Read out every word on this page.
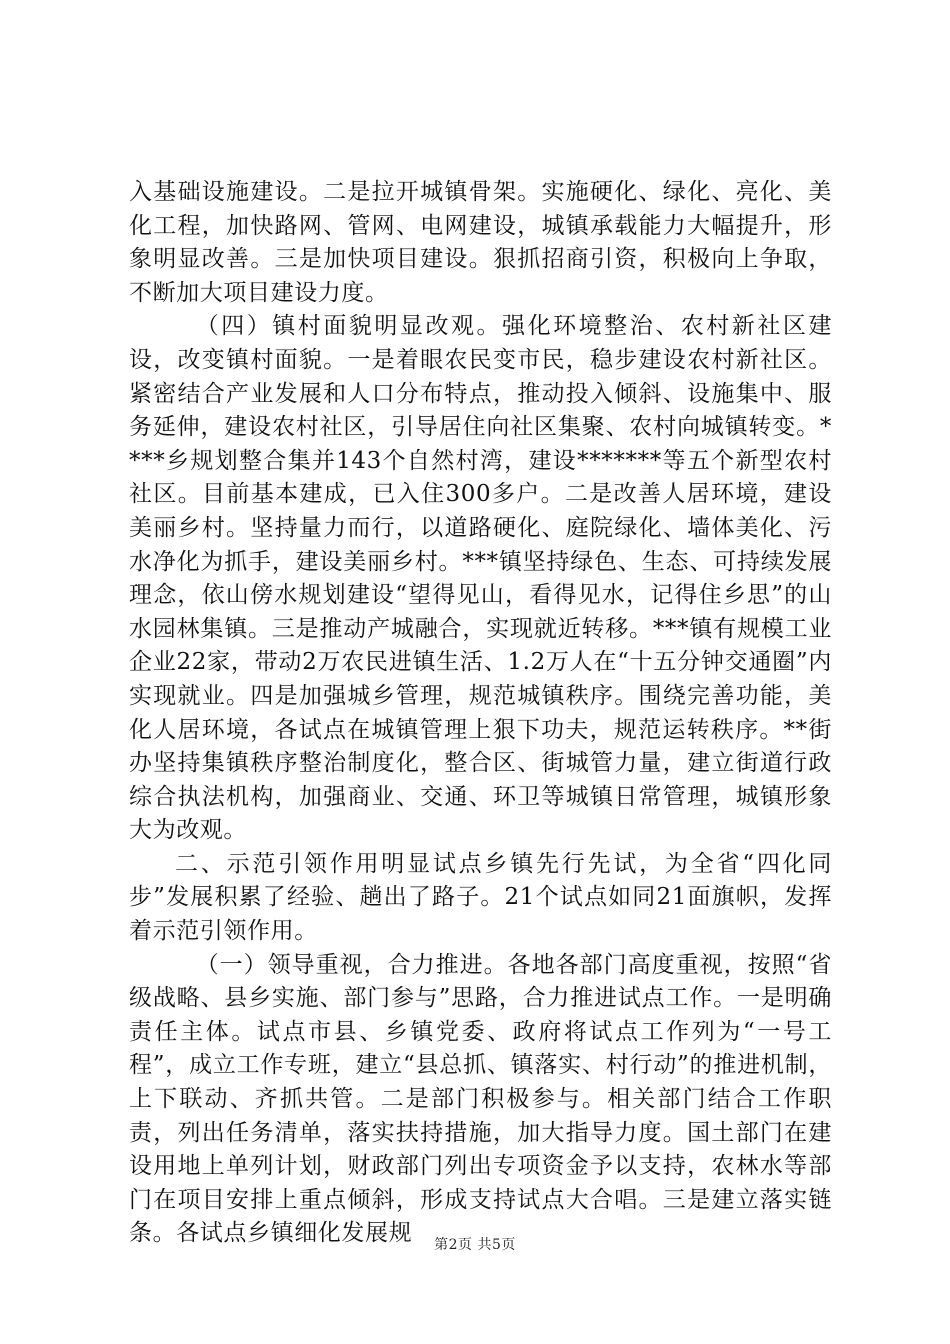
入基础设施建设。二是拉开城镇骨架。实施硬化、绿化、亮化、美化工程，加快路网、管网、电网建设，城镇承载能力大幅提升，形象明显改善。三是加快项目建设。狠抓招商引资，积极向上争取，不断加大项目建设力度。

（四）镇村面貌明显改观。强化环境整治、农村新社区建设，改变镇村面貌。一是着眼农民变市民，稳步建设农村新社区。紧密结合产业发展和人口分布特点，推动投入倾斜、设施集中、服务延伸，建设农村社区，引导居住向社区集聚、农村向城镇转变。****乡规划整合集并143个自然村湾，建设*******等五个新型农村社区。目前基本建成，已入住300多户。二是改善人居环境，建设美丽乡村。坚持量力而行，以道路硬化、庭院绿化、墙体美化、污水净化为抓手，建设美丽乡村。***镇坚持绿色、生态、可持续发展理念，依山傍水规划建设“望得见山，看得见水，记得住乡思”的山水园林集镇。三是推动产城融合，实现就近转移。***镇有规模工业企业22家，带动2万农民进镇生活、1.2万人在“十五分钟交通圈”内实现就业。四是加强城乡管理，规范城镇秩序。围绕完善功能，美化人居环境，各试点在城镇管理上狠下功夫，规范运转秩序。**街办坚持集镇秩序整治制度化，整合区、街城管力量，建立街道行政综合执法机构，加强商业、交通、环卫等城镇日常管理，城镇形象大为改观。

二、示范引领作用明显试点乡镇先行先试，为全省“四化同步”发展积累了经验、趟出了路子。21个试点如同21面旗帜，发挥着示范引领作用。

（一）领导重视，合力推进。各地各部门高度重视，按照“省级战略、县乡实施、部门参与”思路，合力推进试点工作。一是明确责任主体。试点市县、乡镇党委、政府将试点工作列为“一号工程”，成立工作专班，建立“县总抓、镇落实、村行动”的推进机制，上下联动、齐抓共管。二是部门积极参与。相关部门结合工作职责，列出任务清单，落实扶持措施，加大指导力度。国土部门在建设用地上单列计划，财政部门列出专项资金予以支持，农林水等部门在项目安排上重点倾斜，形成支持试点大合唱。三是建立落实链条。各试点乡镇细化发展规	第2页 共5页
